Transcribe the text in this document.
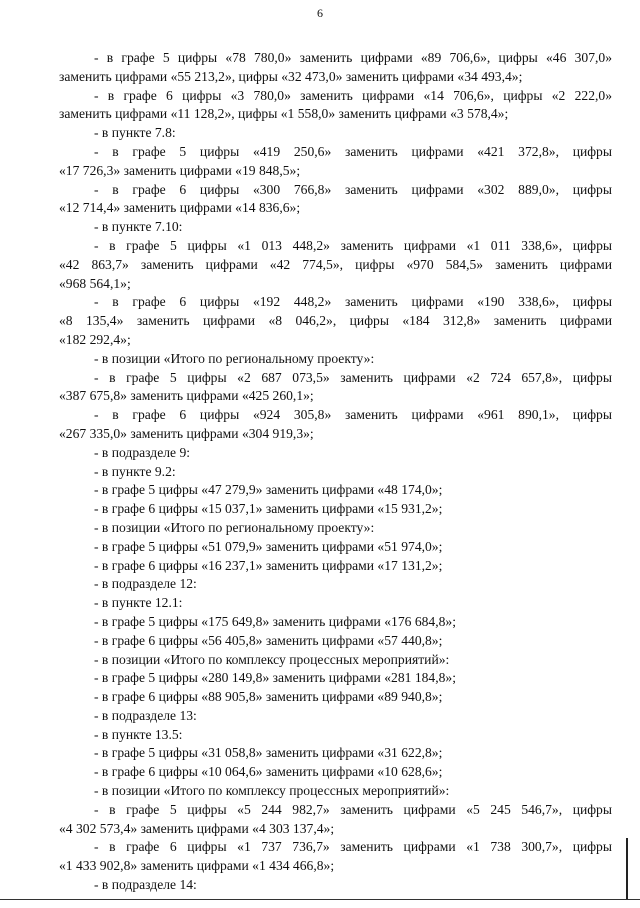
6
- в графе 5 цифры «78 780,0» заменить цифрами «89 706,6», цифры «46 307,0»
заменить цифрами «55 213,2», цифры «32 473,0» заменить цифрами «34 493,4»;
- в графе 6 цифры «3 780,0» заменить цифрами «14 706,6», цифры «2 222,0»
заменить цифрами «11 128,2», цифры «1 558,0» заменить цифрами «3 578,4»;
- в пункте 7.8:
- в графе 5 цифры «419 250,6» заменить цифрами «421 372,8», цифры
«17 726,3» заменить цифрами «19 848,5»;
- в графе 6 цифры «300 766,8» заменить цифрами «302 889,0», цифры
«12 714,4» заменить цифрами «14 836,6»;
- в пункте 7.10:
- в графе 5 цифры «1 013 448,2» заменить цифрами «1 011 338,6», цифры
«42 863,7» заменить цифрами «42 774,5», цифры «970 584,5» заменить цифрами
«968 564,1»;
- в графе 6 цифры «192 448,2» заменить цифрами «190 338,6», цифры
«8 135,4» заменить цифрами «8 046,2», цифры «184 312,8» заменить цифрами
«182 292,4»;
- в позиции «Итого по региональному проекту»:
- в графе 5 цифры «2 687 073,5» заменить цифрами «2 724 657,8», цифры
«387 675,8» заменить цифрами «425 260,1»;
- в графе 6 цифры «924 305,8» заменить цифрами «961 890,1», цифры
«267 335,0» заменить цифрами «304 919,3»;
- в подразделе 9:
- в пункте 9.2:
- в графе 5 цифры «47 279,9» заменить цифрами «48 174,0»;
- в графе 6 цифры «15 037,1» заменить цифрами «15 931,2»;
- в позиции «Итого по региональному проекту»:
- в графе 5 цифры «51 079,9» заменить цифрами «51 974,0»;
- в графе 6 цифры «16 237,1» заменить цифрами «17 131,2»;
- в подразделе 12:
- в пункте 12.1:
- в графе 5 цифры «175 649,8» заменить цифрами «176 684,8»;
- в графе 6 цифры «56 405,8» заменить цифрами «57 440,8»;
- в позиции «Итого по комплексу процессных мероприятий»:
- в графе 5 цифры «280 149,8» заменить цифрами «281 184,8»;
- в графе 6 цифры «88 905,8» заменить цифрами «89 940,8»;
- в подразделе 13:
- в пункте 13.5:
- в графе 5 цифры «31 058,8» заменить цифрами «31 622,8»;
- в графе 6 цифры «10 064,6» заменить цифрами «10 628,6»;
- в позиции «Итого по комплексу процессных мероприятий»:
- в графе 5 цифры «5 244 982,7» заменить цифрами «5 245 546,7», цифры
«4 302 573,4» заменить цифрами «4 303 137,4»;
- в графе 6 цифры «1 737 736,7» заменить цифрами «1 738 300,7», цифры
«1 433 902,8» заменить цифрами «1 434 466,8»;
- в подразделе 14:
